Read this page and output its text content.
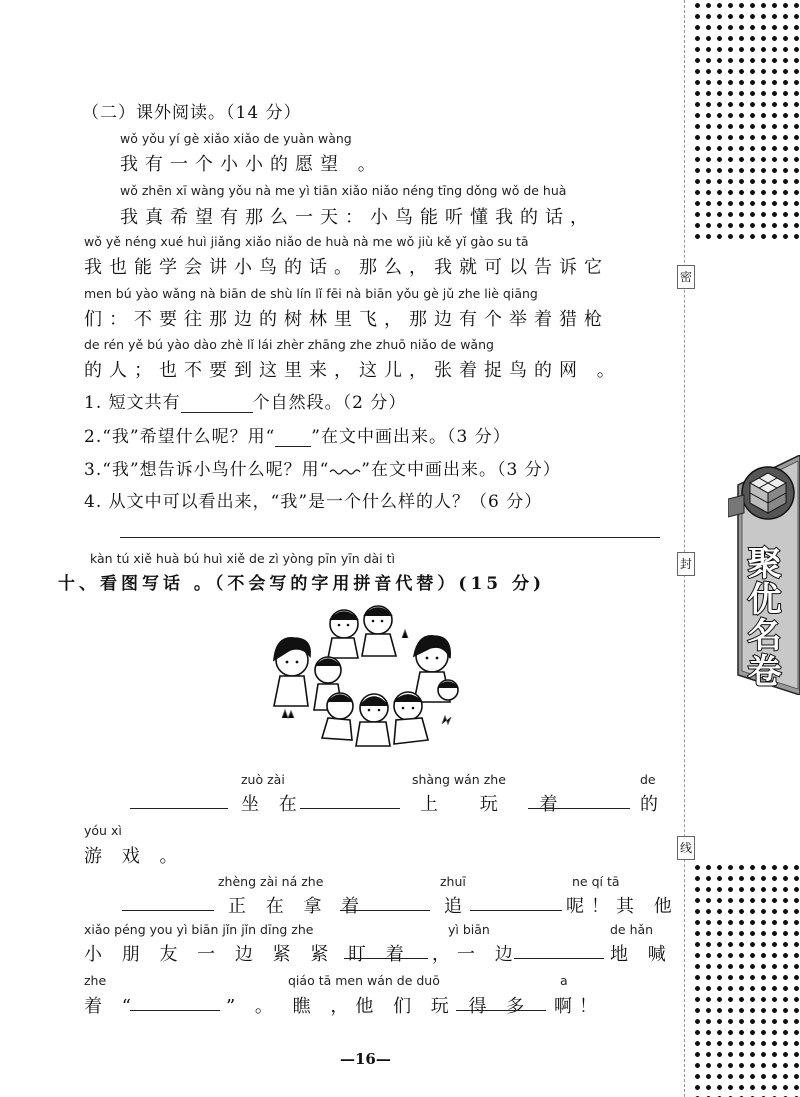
密
封
线
聚优名卷
（二）课外阅读。（14 分）
wǒ yǒu yí gè xiǎo xiǎo de yuàn wàng
我有一个小小的愿望 。
wǒ zhēn xī wàng yǒu nà me yì tiān xiǎo niǎo néng tīng dǒng wǒ de huà
我真希望有那么一天：小鸟能听懂我的话，
wǒ yě néng xué huì jiǎng xiǎo niǎo de huà nà me wǒ jiù kě yǐ gào su tā
我也能学会讲小鸟的话。那么，我就可以告诉它
men bú yào wǎng nà biān de shù lín lǐ fēi nà biān yǒu gè jǔ zhe liè qiāng
们：不要往那边的树林里飞，那边有个举着猎枪
de rén yě bú yào dào zhè lǐ lái zhèr zhāng zhe zhuō niǎo de wǎng
的人；也不要到这里来，这儿，张着捉鸟的网 。
1. 短文共有	个自然段。（2 分）
2.“我”希望什么呢？用“ ”在文中画出来。（3 分）
3.“我”想告诉小鸟什么呢？用“ ”在文中画出来。（3 分）
4. 从文中可以看出来，“我”是一个什么样的人？（6 分）
kàn tú xiě huà bú huì xiě de zì yòng pīn yīn dài tì
十、看图写话 。（不会写的字用拼音代替）(15 分)
zuò zài	shàng wán zhe	de
坐 在	上 玩 着	的
yóu xì
游 戏 。
zhèng zài ná zhe	zhuī	ne qí tā
正 在 拿 着	追	呢！其 他
xiǎo péng you yì biān jǐn jǐn dīng zhe	yì biān	de hǎn
小 朋 友 一 边 紧 紧 盯 着 ，一 边	地 喊
zhe	qiáo tā men wán de duō	a
着 “	” 。 瞧 ，他 们 玩 得 多 啊！
—16—
